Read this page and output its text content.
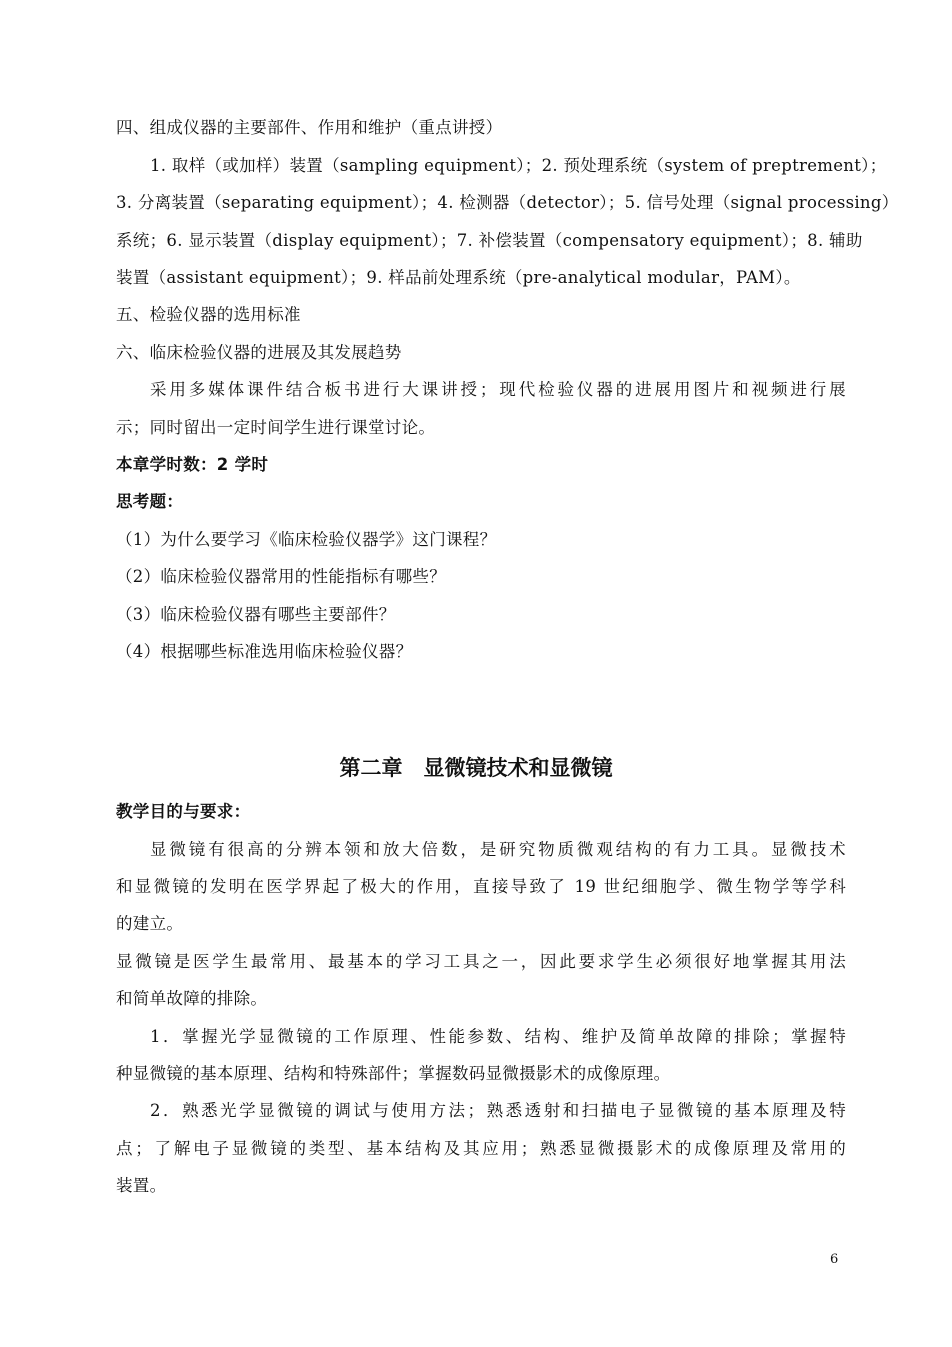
四、组成仪器的主要部件、作用和维护（重点讲授）
1. 取样（或加样）装置（sampling equipment）；2. 预处理系统（system of preptrement）；
3. 分离装置（separating equipment）；4. 检测器（detector）；5. 信号处理（signal processing）
系统；6. 显示装置（display equipment）；7. 补偿装置（compensatory equipment）；8. 辅助
装置（assistant equipment）；9. 样品前处理系统（pre-analytical modular，PAM）。
五、检验仪器的选用标准
六、临床检验仪器的进展及其发展趋势
采用多媒体课件结合板书进行大课讲授；现代检验仪器的进展用图片和视频进行展
示；同时留出一定时间学生进行课堂讨论。
本章学时数：2 学时
思考题：
（1）为什么要学习《临床检验仪器学》这门课程？
（2）临床检验仪器常用的性能指标有哪些？
（3）临床检验仪器有哪些主要部件？
（4）根据哪些标准选用临床检验仪器？
第二章　显微镜技术和显微镜
教学目的与要求：
显微镜有很高的分辨本领和放大倍数，是研究物质微观结构的有力工具。显微技术
和显微镜的发明在医学界起了极大的作用，直接导致了 19 世纪细胞学、微生物学等学科
的建立。
显微镜是医学生最常用、最基本的学习工具之一，因此要求学生必须很好地掌握其用法
和简单故障的排除。
1．掌握光学显微镜的工作原理、性能参数、结构、维护及简单故障的排除；掌握特
种显微镜的基本原理、结构和特殊部件；掌握数码显微摄影术的成像原理。
2．熟悉光学显微镜的调试与使用方法；熟悉透射和扫描电子显微镜的基本原理及特
点；了解电子显微镜的类型、基本结构及其应用；熟悉显微摄影术的成像原理及常用的
装置。
6
